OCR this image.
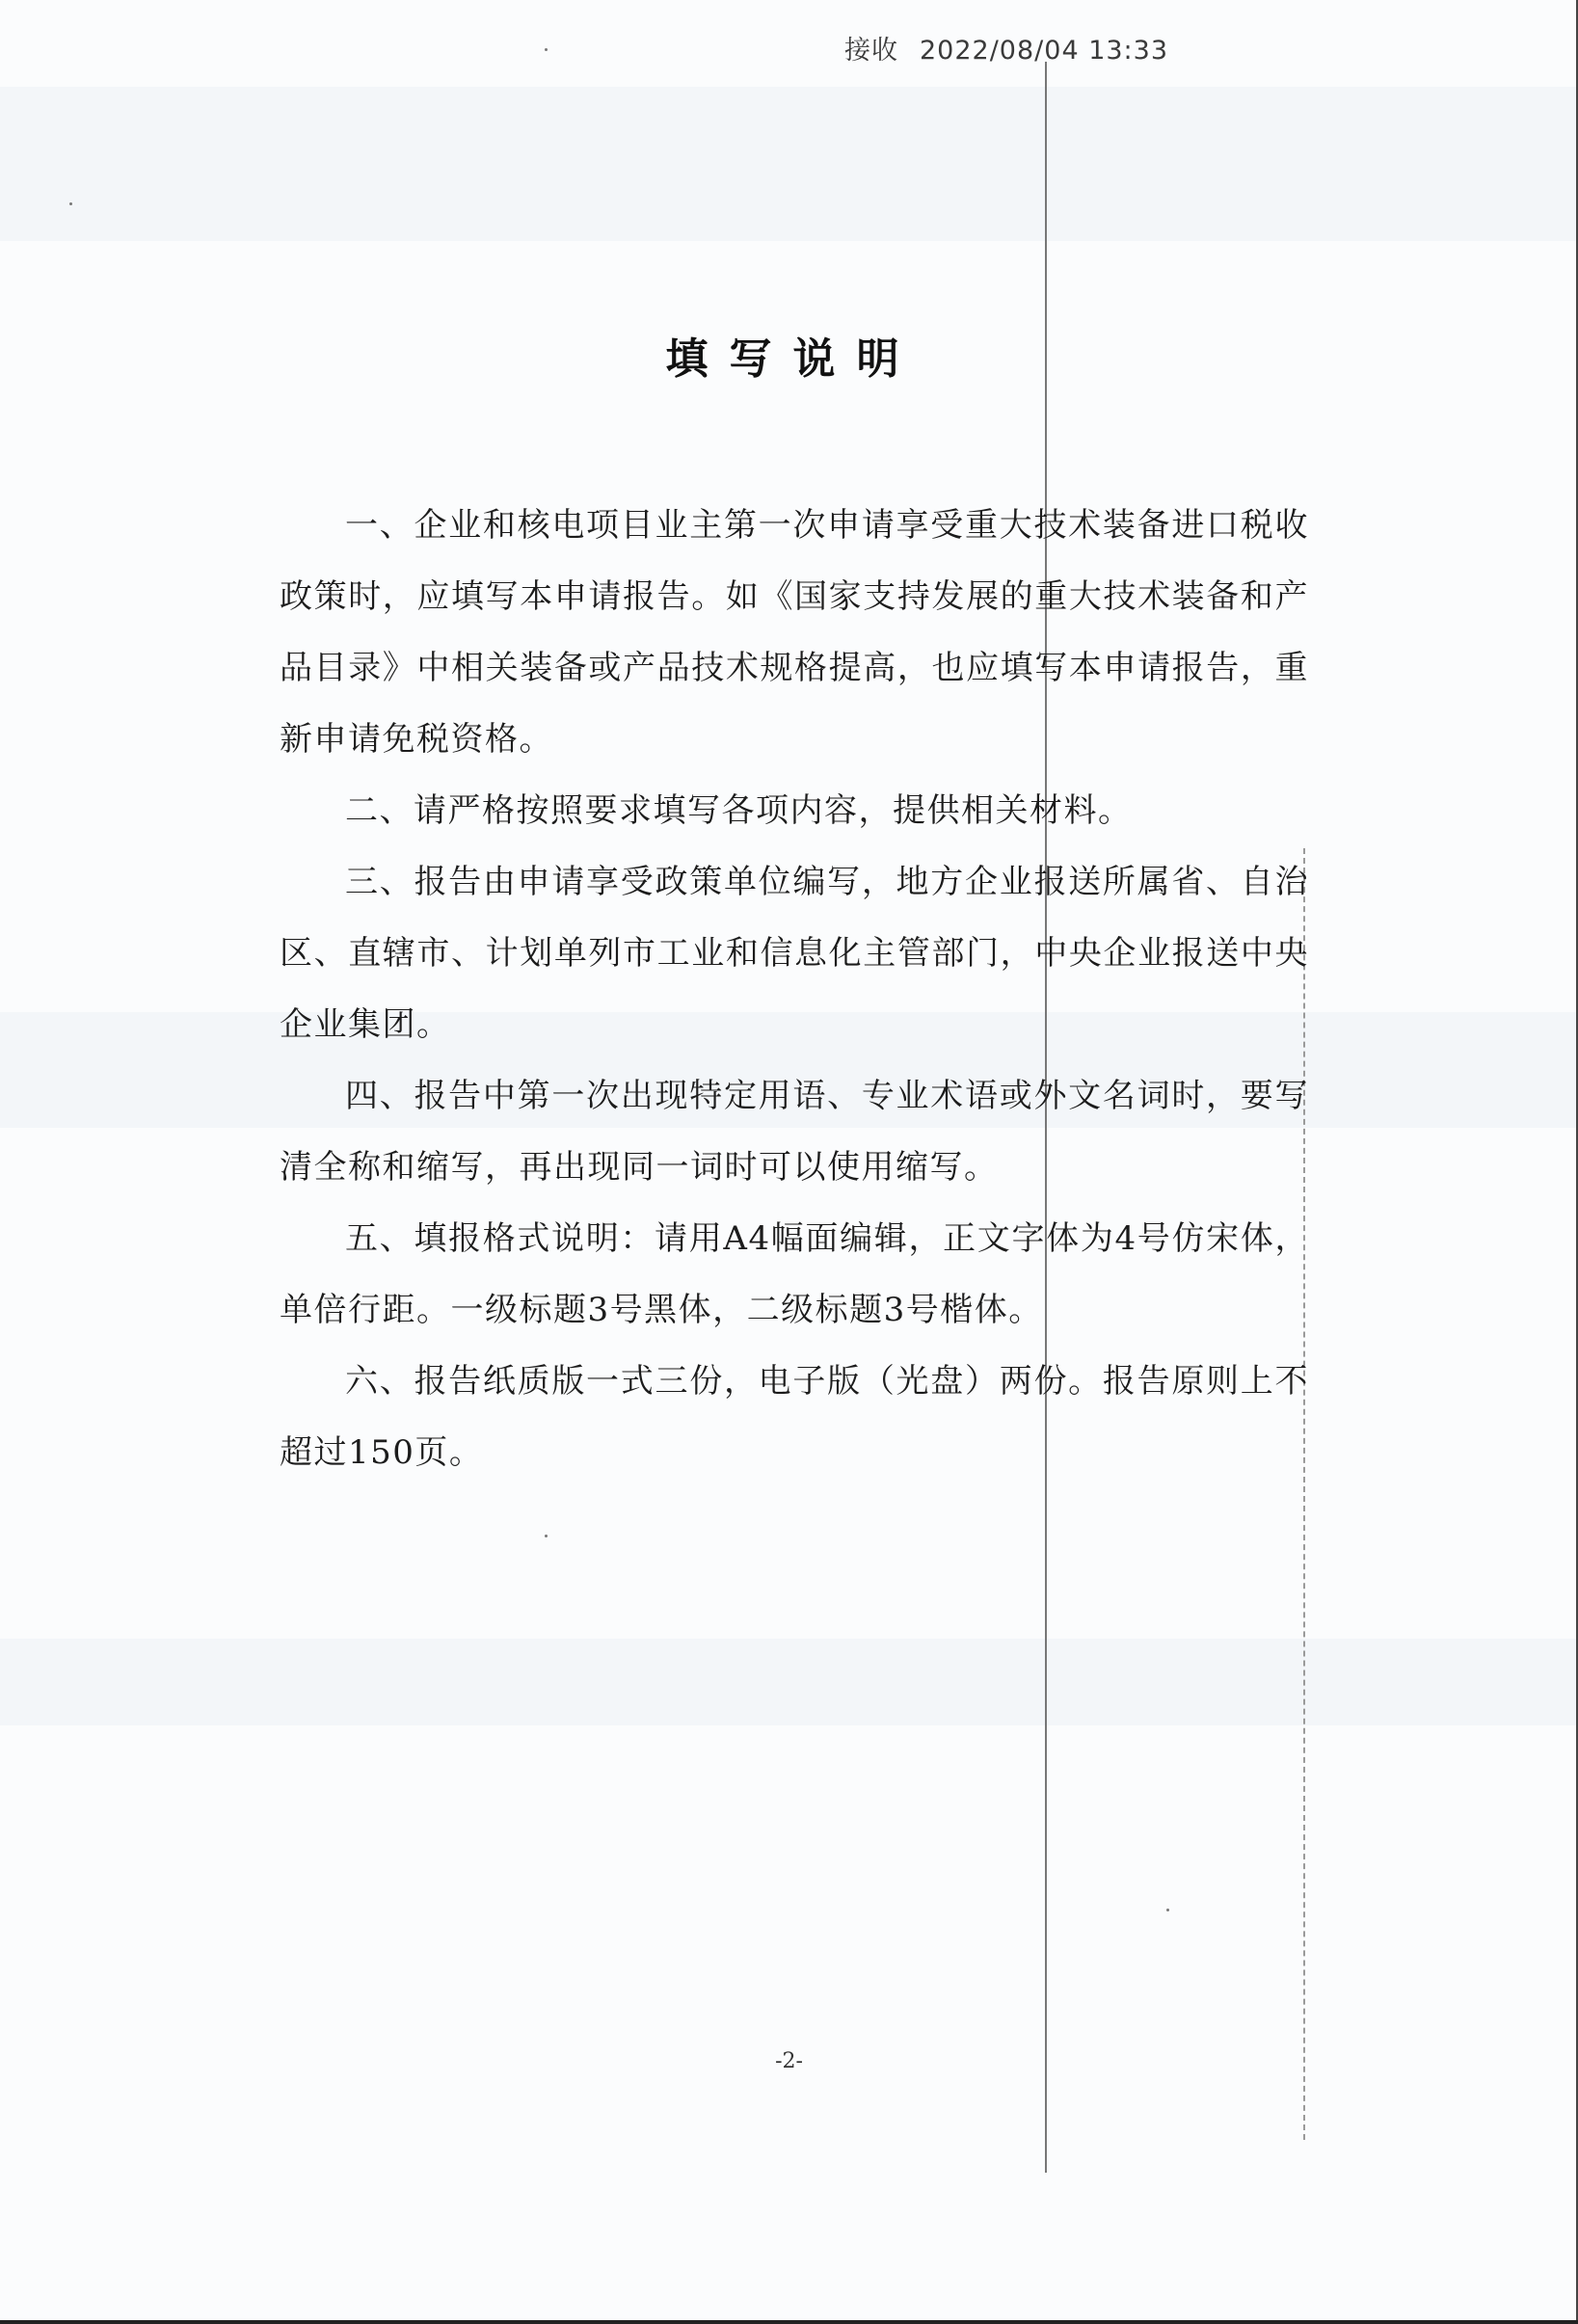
接收 2022/08/04 13:33
填写说明

一、企业和核电项目业主第一次申请享受重大技术装备进口税收政策时，应填写本申请报告。如《国家支持发展的重大技术装备和产品目录》中相关装备或产品技术规格提高，也应填写本申请报告，重新申请免税资格。

二、请严格按照要求填写各项内容，提供相关材料。

三、报告由申请享受政策单位编写，地方企业报送所属省、自治区、直辖市、计划单列市工业和信息化主管部门，中央企业报送中央企业集团。

四、报告中第一次出现特定用语、专业术语或外文名词时，要写清全称和缩写，再出现同一词时可以使用缩写。

五、填报格式说明：请用A4幅面编辑，正文字体为4号仿宋体，单倍行距。一级标题3号黑体，二级标题3号楷体。

六、报告纸质版一式三份，电子版（光盘）两份。报告原则上不超过150页。

-2-
